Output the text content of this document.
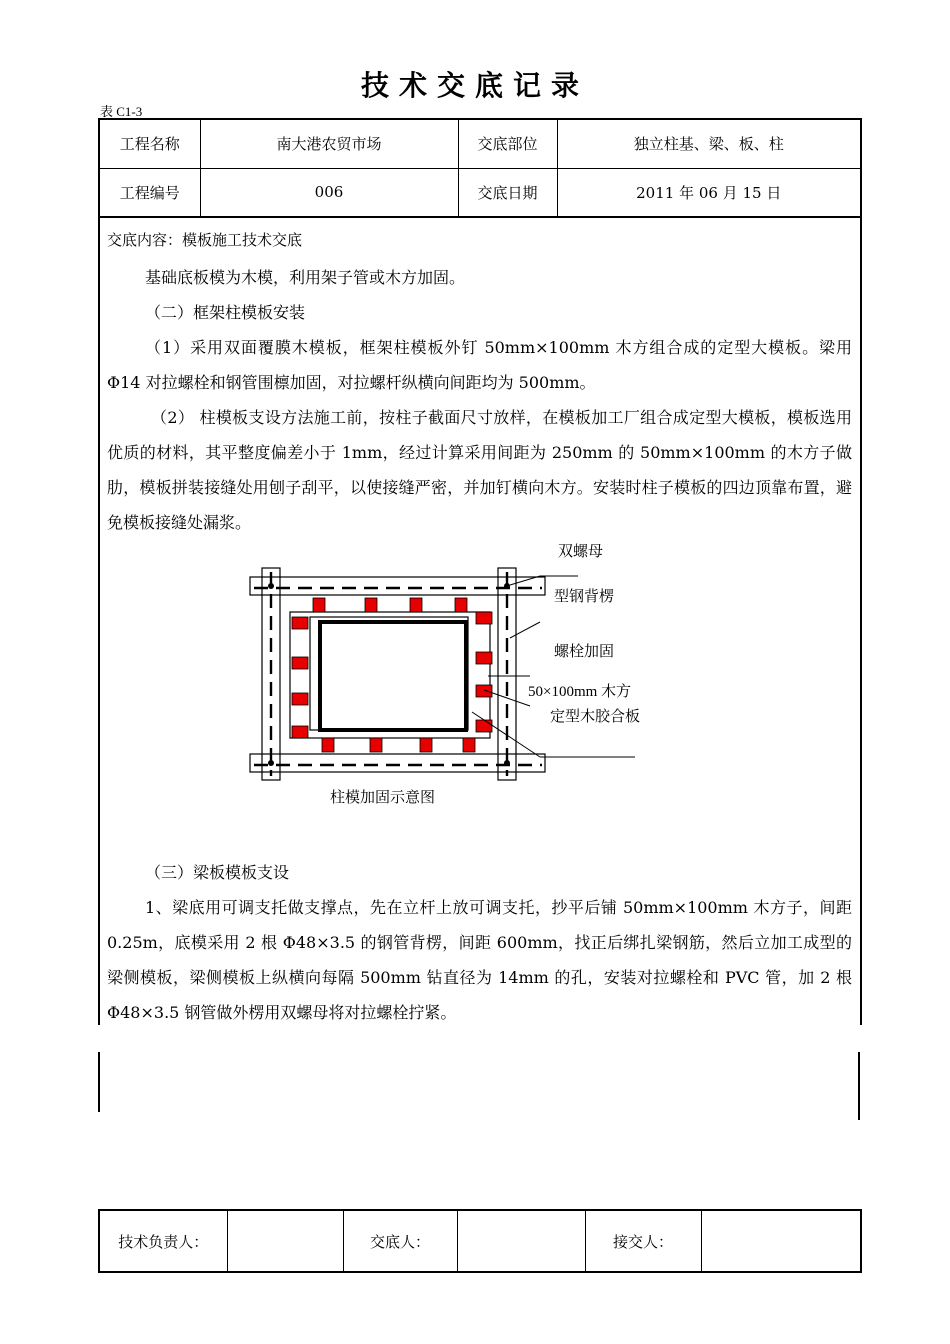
技术交底记录
表 C1-3
工程名称	南大港农贸市场	交底部位	独立柱基、梁、板、柱
工程编号	006	交底日期	2011 年 06 月 15 日
交底内容：模板施工技术交底
基础底板模为木模，利用架子管或木方加固。
（二）框架柱模板安装
（1）采用双面覆膜木模板，框架柱模板外钉 50mm×100mm 木方组合成的定型大模板。梁用 Φ14 对拉螺栓和钢管围檩加固，对拉螺杆纵横向间距均为 500mm。
（2） 柱模板支设方法施工前，按柱子截面尺寸放样，在模板加工厂组合成定型大模板，模板选用优质的材料，其平整度偏差小于 1mm，经过计算采用间距为 250mm 的 50mm×100mm 的木方子做肋，模板拼装接缝处用刨子刮平，以使接缝严密，并加钉横向木方。安装时柱子模板的四边顶靠布置，避免模板接缝处漏浆。
双螺母
型钢背楞
螺栓加固
50×100mm 木方
定型木胶合板
柱模加固示意图
（三）梁板模板支设
1、梁底用可调支托做支撑点，先在立杆上放可调支托，抄平后铺 50mm×100mm 木方子，间距 0.25m，底模采用 2 根 Φ48×3.5 的钢管背楞，间距 600mm，找正后绑扎梁钢筋，然后立加工成型的梁侧模板，梁侧模板上纵横向每隔 500mm 钻直径为 14mm 的孔，安装对拉螺栓和 PVC 管，加 2 根 Φ48×3.5 钢管做外楞用双螺母将对拉螺栓拧紧。
技术负责人：		交底人：		接交人：	
